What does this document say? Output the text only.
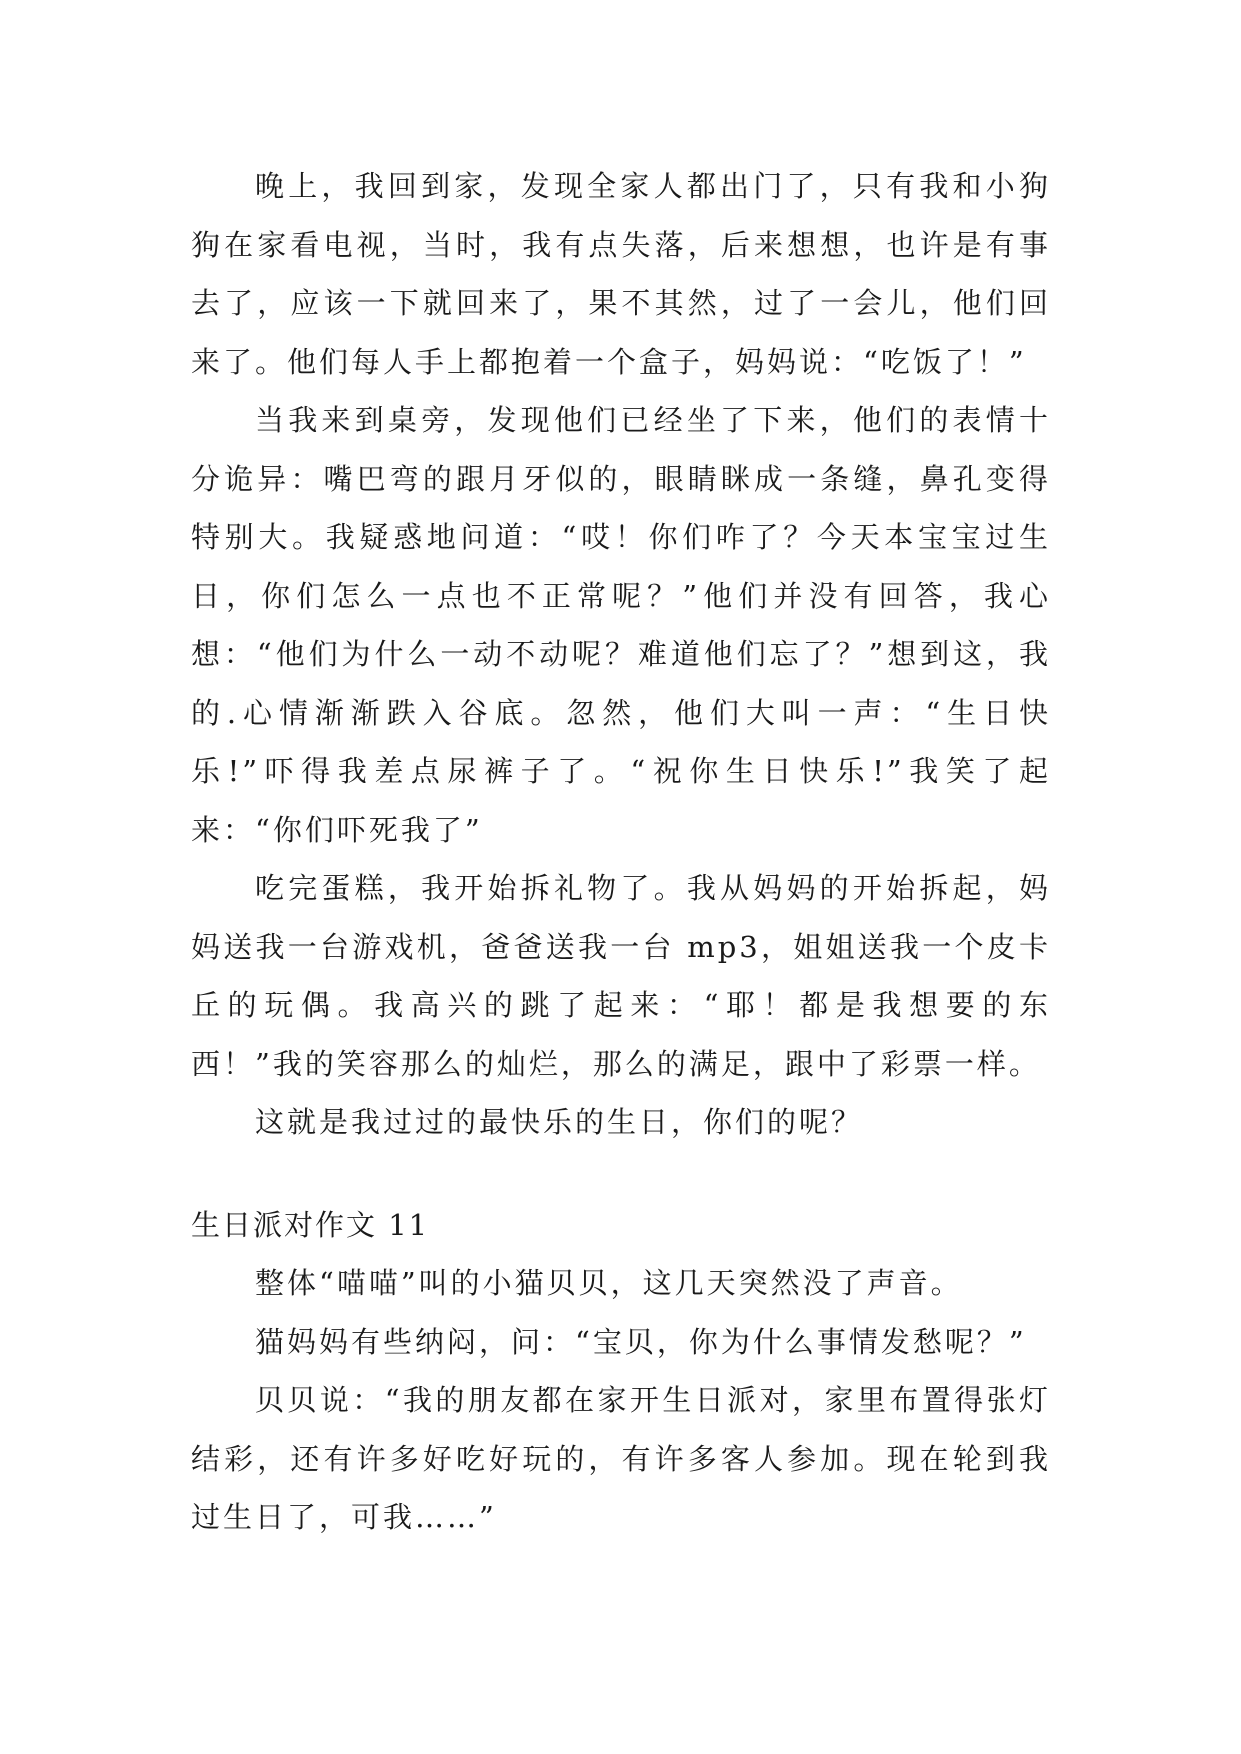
晚上，我回到家，发现全家人都出门了，只有我和小狗狗在家看电视，当时，我有点失落，后来想想，也许是有事去了，应该一下就回来了，果不其然，过了一会儿，他们回来了。他们每人手上都抱着一个盒子，妈妈说：“吃饭了！”

当我来到桌旁，发现他们已经坐了下来，他们的表情十分诡异：嘴巴弯的跟月牙似的，眼睛眯成一条缝，鼻孔变得特别大。我疑惑地问道：“哎！你们咋了？今天本宝宝过生日，你们怎么一点也不正常呢？”他们并没有回答，我心想：“他们为什么一动不动呢？难道他们忘了？”想到这，我的.心情渐渐跌入谷底。忽然，他们大叫一声：“生日快乐!”吓得我差点尿裤子了。“祝你生日快乐!”我笑了起来：“你们吓死我了”

吃完蛋糕，我开始拆礼物了。我从妈妈的开始拆起，妈妈送我一台游戏机，爸爸送我一台 mp3，姐姐送我一个皮卡丘的玩偶。我高兴的跳了起来：“耶！都是我想要的东西！”我的笑容那么的灿烂，那么的满足，跟中了彩票一样。

这就是我过过的最快乐的生日，你们的呢？

生日派对作文 11

整体“喵喵”叫的小猫贝贝，这几天突然没了声音。

猫妈妈有些纳闷，问：“宝贝，你为什么事情发愁呢？”

贝贝说：“我的朋友都在家开生日派对，家里布置得张灯结彩，还有许多好吃好玩的，有许多客人参加。现在轮到我过生日了，可我……”
